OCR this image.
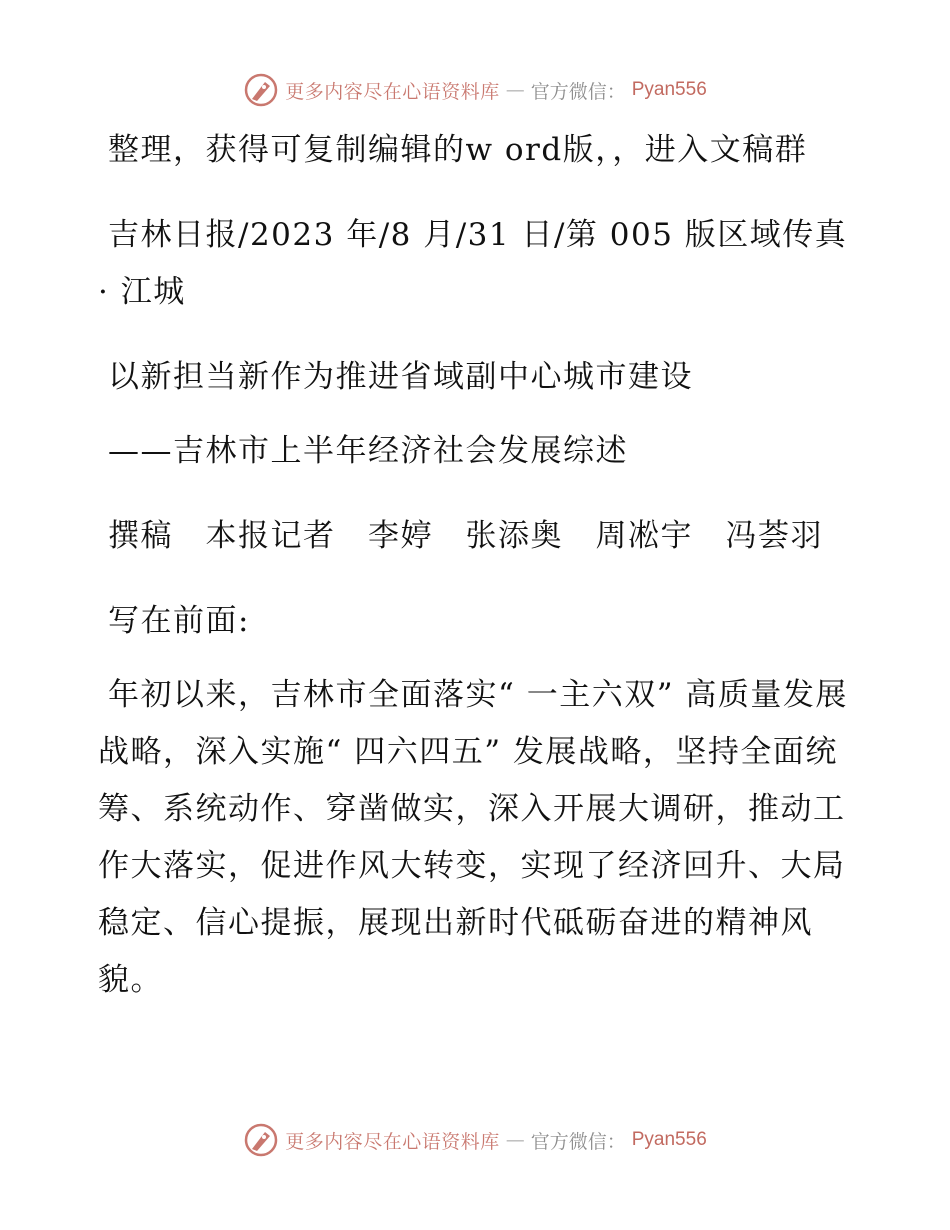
更多内容尽在心语资料库 — 官方微信： Pyan556

整理，获得可复制编辑的w ord版，，进入文稿群

吉林日报/2023 年/8 月/31 日/第 005 版区域传真· 江城

以新担当新作为推进省域副中心城市建设

——吉林市上半年经济社会发展综述

撰稿　本报记者　李婷　张添奥　周凇宇　冯荟羽

写在前面:

年初以来，吉林市全面落实“ 一主六双” 高质量发展战略，深入实施“ 四六四五” 发展战略，坚持全面统筹、系统动作、穿凿做实，深入开展大调研，推动工作大落实，促进作风大转变，实现了经济回升、大局稳定、信心提振，展现出新时代砥砺奋进的精神风貌。

更多内容尽在心语资料库 — 官方微信： Pyan556
